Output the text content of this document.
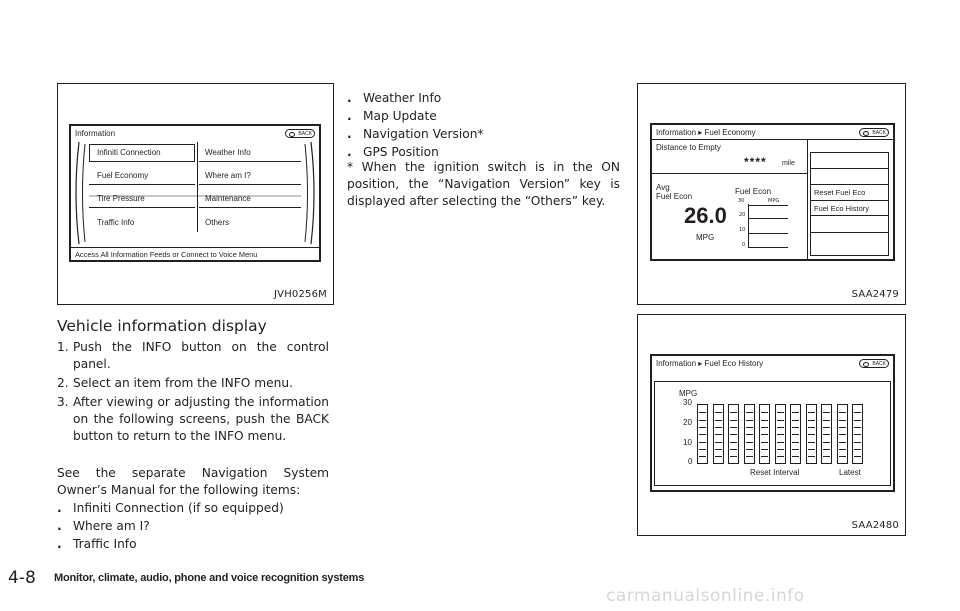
Information	BACK
Infiniti Connection
Fuel Economy
Tire Pressure
Traffic Info
Weather Info
Where am I?
Maintenance
Others
Access All Information Feeds or Connect to Voice Menu
JVH0256M
Vehicle information display
1. Push the INFO button on the control panel.
2. Select an item from the INFO menu.
3. After viewing or adjusting the information on the following screens, push the BACK button to return to the INFO menu.
See the separate Navigation System Owner’s Manual for the following items:
. Infiniti Connection (if so equipped)
. Where am I?
. Traffic Info
. Weather Info
. Map Update
. Navigation Version*
. GPS Position
* When the ignition switch is in the ON position, the “Navigation Version” key is displayed after selecting the “Others” key.
Information ▸ Fuel Economy	BACK
Distance to Empty
**** mile
Avg
Fuel Econ
26.0
MPG
Fuel Econ
30	MPG
20
10
0
Reset Fuel Eco
Fuel Eco History
SAA2479
Information ▸ Fuel Eco History	BACK
MPG
30
20
10
0
Reset Interval	Latest
SAA2480
4-8 Monitor, climate, audio, phone and voice recognition systems
carmanualsonline.info
